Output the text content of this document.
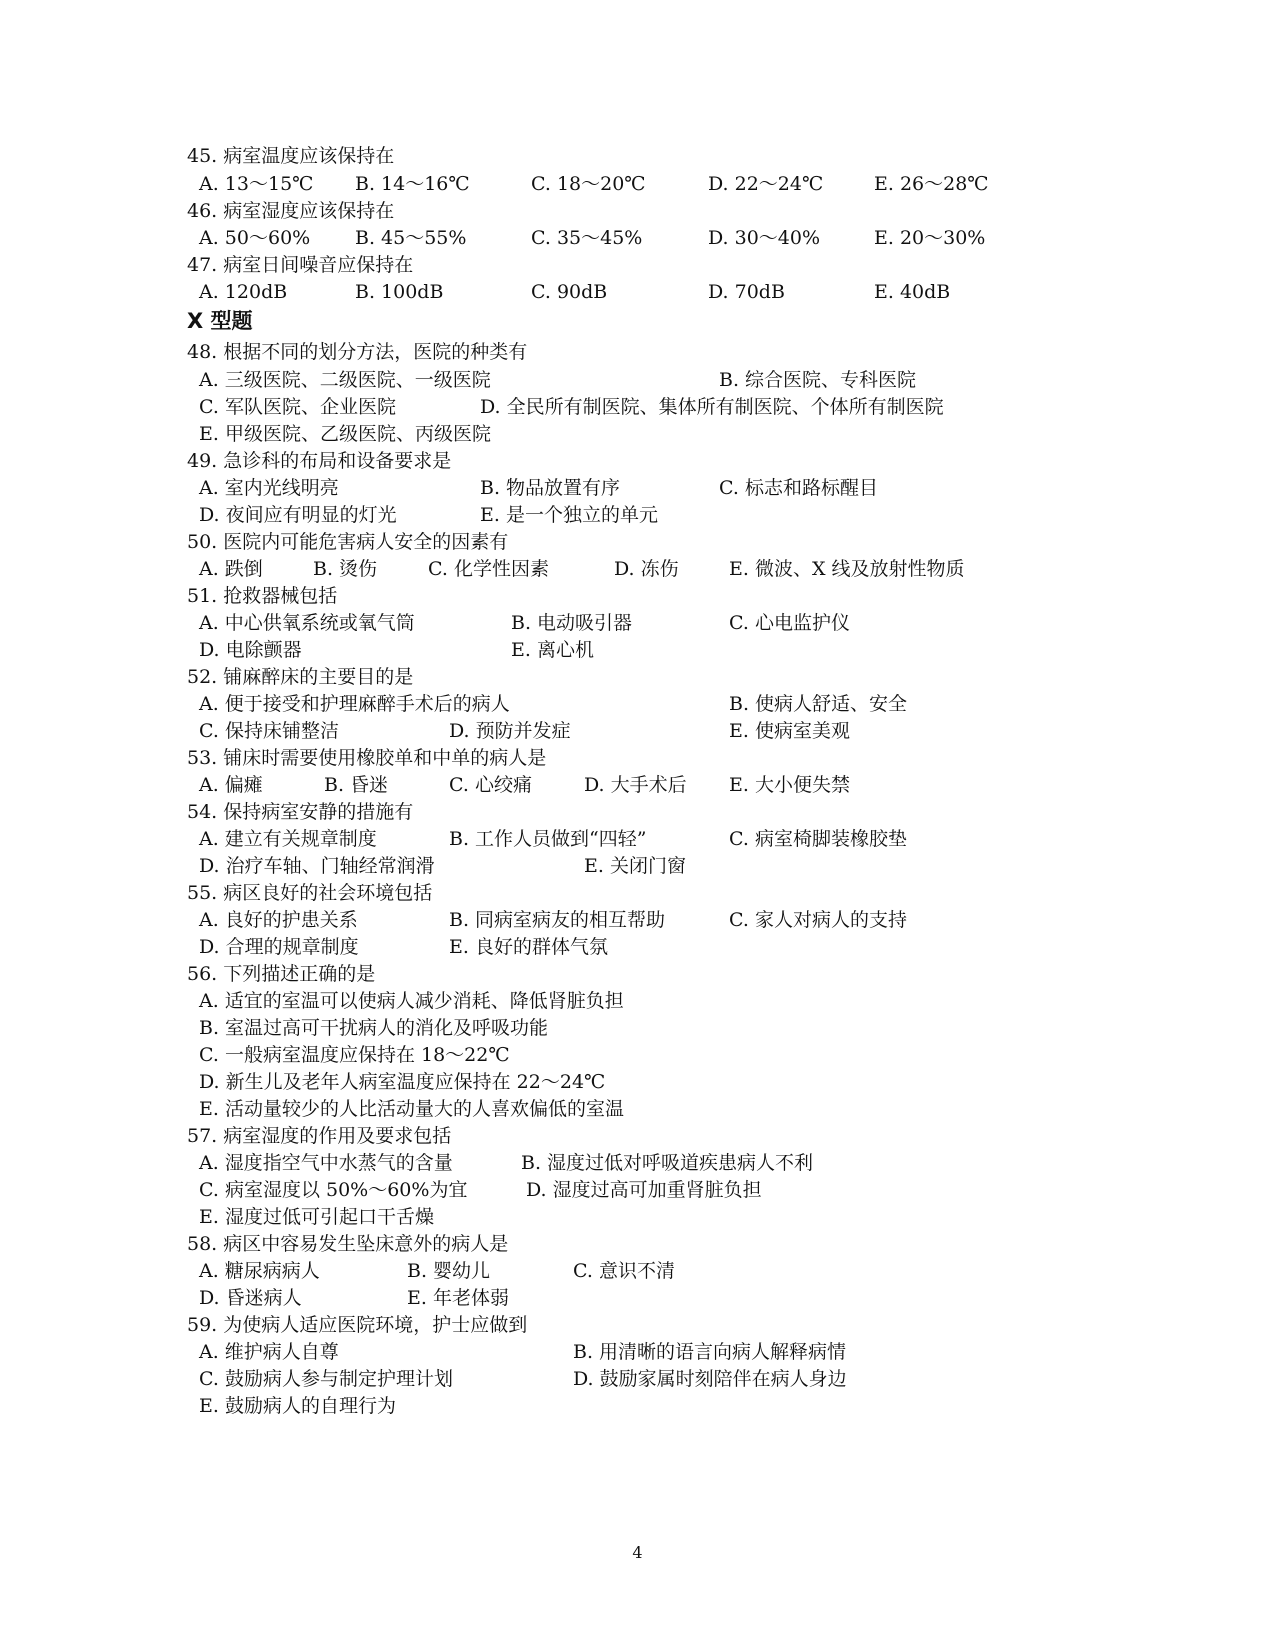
45. 病室温度应该保持在
A. 13～15℃ B. 14～16℃	C. 18～20℃	D. 22～24℃	E. 26～28℃
46. 病室湿度应该保持在
A. 50～60% B. 45～55%	C. 35～45%	D. 30～40%	E. 20～30%
47. 病室日间噪音应保持在
A. 120dB	B. 100dB	C. 90dB	D. 70dB	E. 40dB
X 型题
48. 根据不同的划分方法，医院的种类有
A. 三级医院、二级医院、一级医院	B. 综合医院、专科医院
C. 军队医院、企业医院	D. 全民所有制医院、集体所有制医院、个体所有制医院
E. 甲级医院、乙级医院、丙级医院
49. 急诊科的布局和设备要求是
A. 室内光线明亮	B. 物品放置有序	C. 标志和路标醒目
D. 夜间应有明显的灯光	E. 是一个独立的单元
50. 医院内可能危害病人安全的因素有
A. 跌倒	B. 烫伤	C. 化学性因素	D. 冻伤	E. 微波、X 线及放射性物质
51. 抢救器械包括
A. 中心供氧系统或氧气筒	B. 电动吸引器	C. 心电监护仪
D. 电除颤器	E. 离心机
52. 铺麻醉床的主要目的是
A. 便于接受和护理麻醉手术后的病人	B. 使病人舒适、安全
C. 保持床铺整洁	D. 预防并发症	E. 使病室美观
53. 铺床时需要使用橡胶单和中单的病人是
A. 偏瘫	B. 昏迷	C. 心绞痛	D. 大手术后 E. 大小便失禁
54. 保持病室安静的措施有
A. 建立有关规章制度	B. 工作人员做到“四轻”	C. 病室椅脚装橡胶垫
D. 治疗车轴、门轴经常润滑	E. 关闭门窗
55. 病区良好的社会环境包括
A. 良好的护患关系	B. 同病室病友的相互帮助	C. 家人对病人的支持
D. 合理的规章制度	E. 良好的群体气氛
56. 下列描述正确的是
A. 适宜的室温可以使病人减少消耗、降低肾脏负担
B. 室温过高可干扰病人的消化及呼吸功能
C. 一般病室温度应保持在 18～22℃
D. 新生儿及老年人病室温度应保持在 22～24℃
E. 活动量较少的人比活动量大的人喜欢偏低的室温
57. 病室湿度的作用及要求包括
A. 湿度指空气中水蒸气的含量	B. 湿度过低对呼吸道疾患病人不利
C. 病室湿度以 50%～60%为宜	D. 湿度过高可加重肾脏负担
E. 湿度过低可引起口干舌燥
58. 病区中容易发生坠床意外的病人是
A. 糖尿病病人	B. 婴幼儿	C. 意识不清
D. 昏迷病人	E. 年老体弱
59. 为使病人适应医院环境，护士应做到
A. 维护病人自尊	B. 用清晰的语言向病人解释病情
C. 鼓励病人参与制定护理计划	D. 鼓励家属时刻陪伴在病人身边
E. 鼓励病人的自理行为
4
